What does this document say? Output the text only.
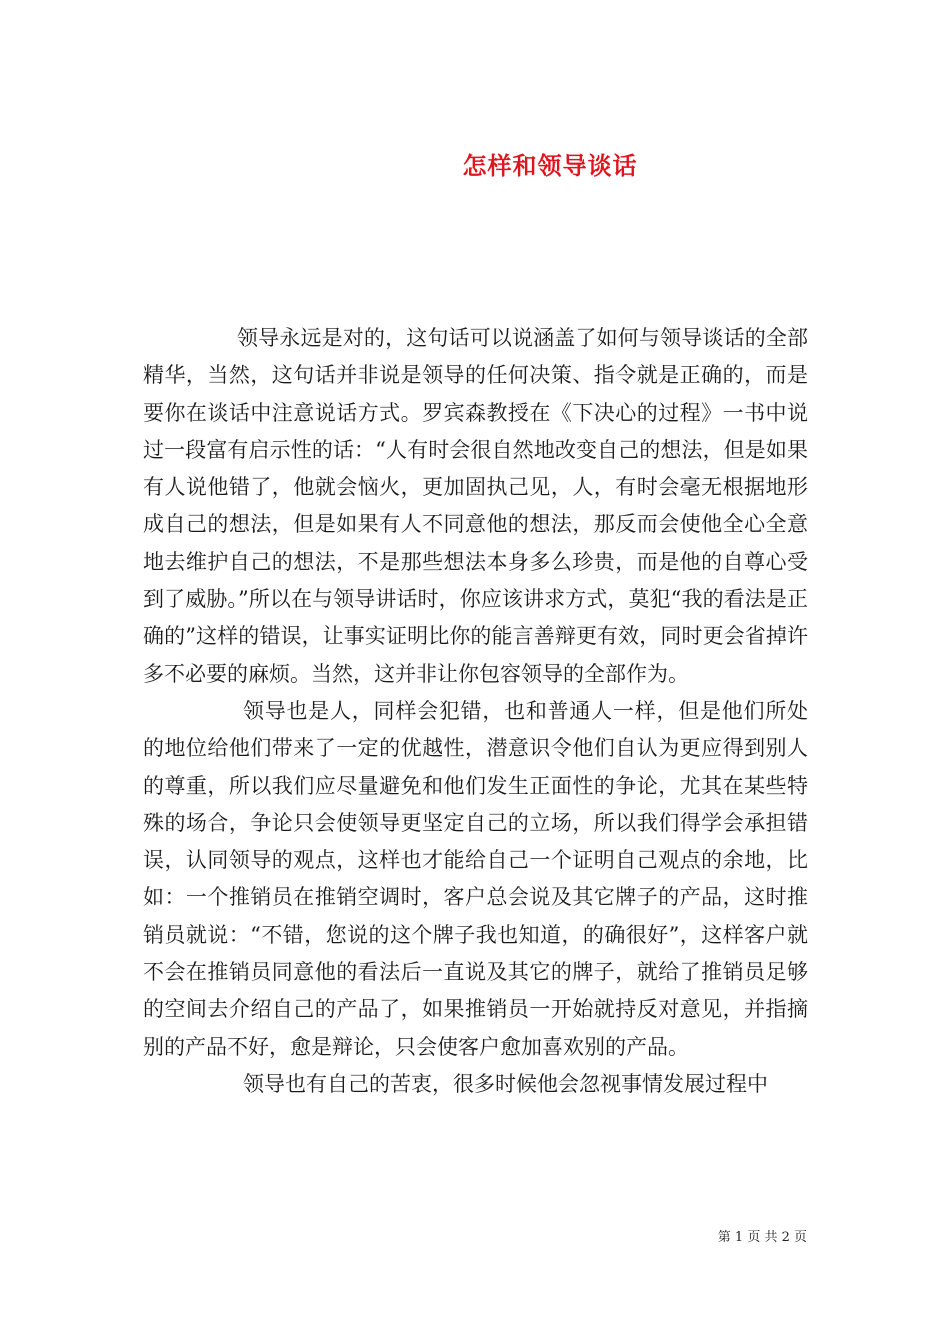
怎样和领导谈话

领导永远是对的，这句话可以说涵盖了如何与领导谈话的全部精华，当然，这句话并非说是领导的任何决策、指令就是正确的，而是要你在谈话中注意说话方式。罗宾森教授在《下决心的过程》一书中说过一段富有启示性的话：“人有时会很自然地改变自己的想法，但是如果有人说他错了，他就会恼火，更加固执己见，人，有时会毫无根据地形成自己的想法，但是如果有人不同意他的想法，那反而会使他全心全意地去维护自己的想法，不是那些想法本身多么珍贵，而是他的自尊心受到了威胁。”所以在与领导讲话时，你应该讲求方式，莫犯“我的看法是正确的”这样的错误，让事实证明比你的能言善辩更有效，同时更会省掉许多不必要的麻烦。当然，这并非让你包容领导的全部作为。

领导也是人，同样会犯错，也和普通人一样，但是他们所处的地位给他们带来了一定的优越性，潜意识令他们自认为更应得到别人的尊重，所以我们应尽量避免和他们发生正面性的争论，尤其在某些特殊的场合，争论只会使领导更坚定自己的立场，所以我们得学会承担错误，认同领导的观点，这样也才能给自己一个证明自己观点的余地，比如：一个推销员在推销空调时，客户总会说及其它牌子的产品，这时推销员就说：“不错，您说的这个牌子我也知道，的确很好”，这样客户就不会在推销员同意他的看法后一直说及其它的牌子，就给了推销员足够的空间去介绍自己的产品了，如果推销员一开始就持反对意见，并指摘别的产品不好，愈是辩论，只会使客户愈加喜欢别的产品。

领导也有自己的苦衷，很多时候他会忽视事情发展过程中

第 1 页 共 2 页
